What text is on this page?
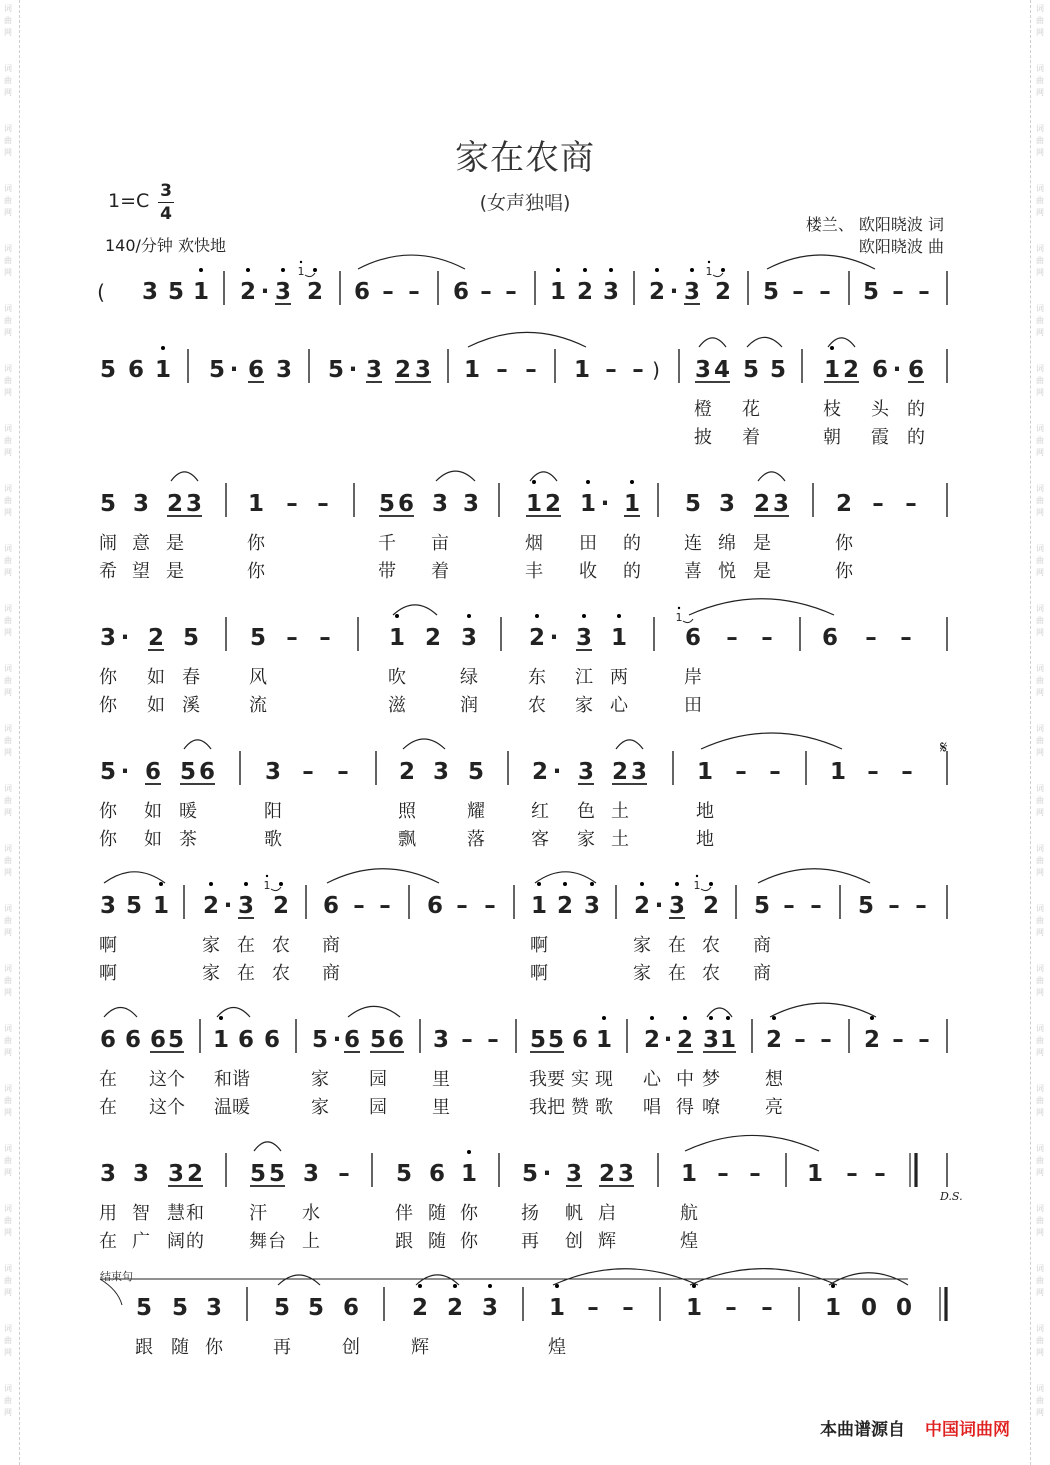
词
曲
网
词
曲
网
词
曲
网
词
曲
网
词
曲
网
词
曲
网
词
曲
网
词
曲
网
词
曲
网
词
曲
网
词
曲
网
词
曲
网
词
曲
网
词
曲
网
词
曲
网
词
曲
网
词
曲
网
词
曲
网
词
曲
网
词
曲
网
词
曲
网
词
曲
网
词
曲
网
词
曲
网
词
曲
网
词
曲
网
词
曲
网
词
曲
网
词
曲
网
词
曲
网
词
曲
网
词
曲
网
词
曲
网
词
曲
网
词
曲
网
词
曲
网
词
曲
网
词
曲
网
词
曲
网
词
曲
网
词
曲
网
词
曲
网
词
曲
网
词
曲
网
词
曲
网
词
曲
网
词
曲
网
词
曲
网
家在农商
(女声独唱)
1=C 3
4
140/分钟 欢快地
楼兰、 欧阳晓波 词
欧阳晓波 曲
( 3 5 1 2 · 3 2
1
6 – – 6 – – 1 2 3 2 · 3 2
1
5 – – 5 – –
5 6 1 5 · 6 3 5 · 3 2 3 1 – – 1 – – ) 3 4 5 5 1 2 6 · 6
橙 花	枝 头 的
披 着	朝 霞 的
5 3 2 3 1 – – 5 6 3 3 1 2 1 · 1 5 3 2 3 2 – –
闹 意 是	你	千 亩	烟 田 的 连 绵 是	你
希 望 是	你	带 着	丰 收 的 喜 悦 是	你
3 · 2 5 5 – –	1 2 3 2 · 3 1	6
1
– – 6 – –
你 如 春	风	吹	绿	东 江 两	岸
你 如 溪	流	滋	润	农 家 心	田
5 · 6 5 6 3 – – 2 3 5 2 · 3 2 3 1 – – 1 – –
你 如 暖	阳	照	耀	红 色 土	地
你 如 茶	歌	飘	落	客 家 土	地
3 5 1 2 · 3 2
1
6 – – 6 – – 1 2 3 2 · 3 2
1
5 – – 5 – –
啊	家 在 农 商	啊	家 在 农 商
啊	家 在 农 商	啊	家 在 农 商
6 6 6 5 1 6 6 5 · 6 5 6 3 – – 5 5 6 1 2 · 2 3 1 2 – – 2 – –
在 这个 和谐	家 园	里	我要 实 现 心 中 梦	想
在 这个 温暖	家 园	里	我把 赞 歌 唱 得 嘹	亮
3 3 3 2 5 5 3 – 5 6 1 5 · 3 2 3 1 – – 1 – –
用 智 慧 和	汗 水	伴 随 你 扬 帆 启	航
在 广 阔 的	舞 台 上	跟 随 你 再 创 辉	煌
5 5 3 5 5 6 2 2 3 1 – – 1 – – 1 0 0
跟 随 你	再	创	辉	煌
𝄋
D.S.
结束句
本曲谱源自 中国词曲网
